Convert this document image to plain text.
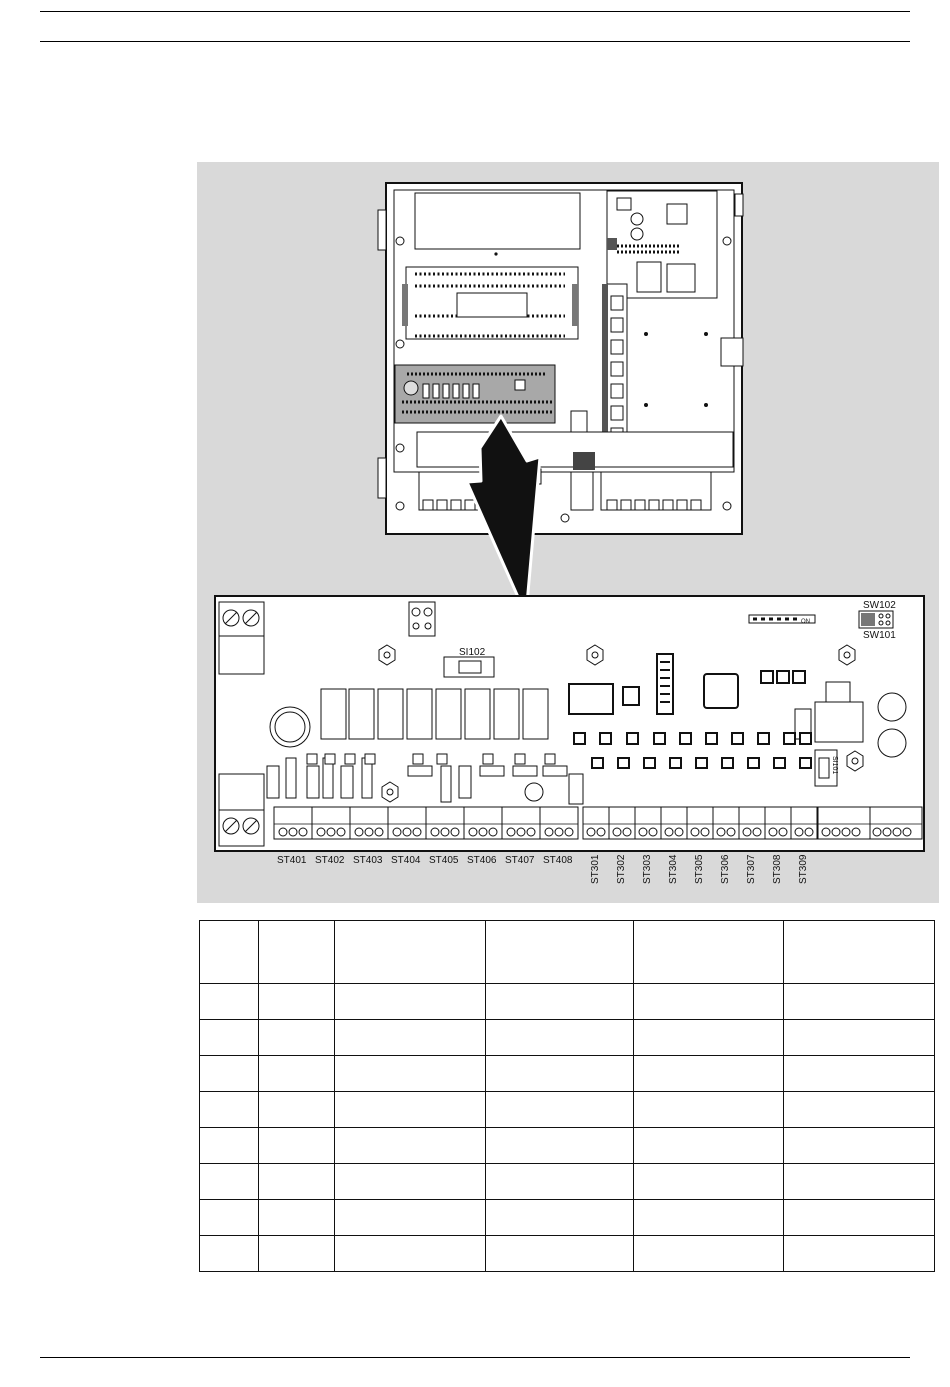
SI102
SI101
ON
SW102
SW101
ST401 ST402 ST403 ST404 ST405 ST406 ST407 ST408 ST301 ST302 ST303 ST304 ST305 ST306 ST307 ST308 ST309
